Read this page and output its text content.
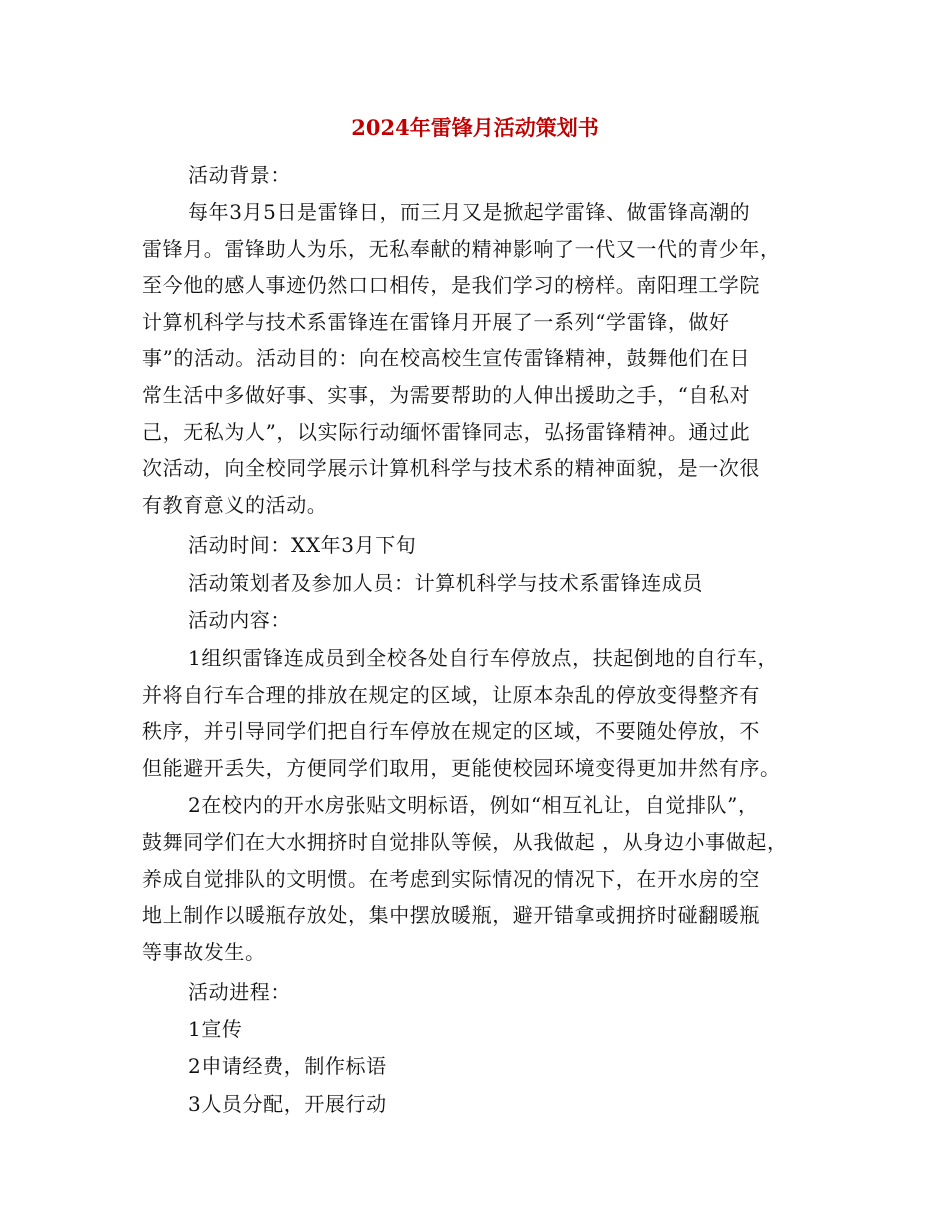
2024年雷锋月活动策划书
活动背景：
每年3月5日是雷锋日，而三月又是掀起学雷锋、做雷锋高潮的
雷锋月。雷锋助人为乐，无私奉献的精神影响了一代又一代的青少年，
至今他的感人事迹仍然口口相传，是我们学习的榜样。南阳理工学院
计算机科学与技术系雷锋连在雷锋月开展了一系列“学雷锋，做好
事”的活动。活动目的：向在校高校生宣传雷锋精神，鼓舞他们在日
常生活中多做好事、实事，为需要帮助的人伸出援助之手，“自私对
己，无私为人”，以实际行动缅怀雷锋同志，弘扬雷锋精神。通过此
次活动，向全校同学展示计算机科学与技术系的精神面貌，是一次很
有教育意义的活动。
活动时间：XX年3月下旬
活动策划者及参加人员：计算机科学与技术系雷锋连成员
活动内容：
1组织雷锋连成员到全校各处自行车停放点，扶起倒地的自行车，
并将自行车合理的排放在规定的区域，让原本杂乱的停放变得整齐有
秩序，并引导同学们把自行车停放在规定的区域，不要随处停放，不
但能避开丢失，方便同学们取用，更能使校园环境变得更加井然有序。
2在校内的开水房张贴文明标语，例如“相互礼让，自觉排队”，
鼓舞同学们在大水拥挤时自觉排队等候，从我做起 ，从身边小事做起，
养成自觉排队的文明惯。在考虑到实际情况的情况下，在开水房的空
地上制作以暖瓶存放处，集中摆放暖瓶，避开错拿或拥挤时碰翻暖瓶
等事故发生。
活动进程：
1宣传
2申请经费，制作标语
3人员分配，开展行动
